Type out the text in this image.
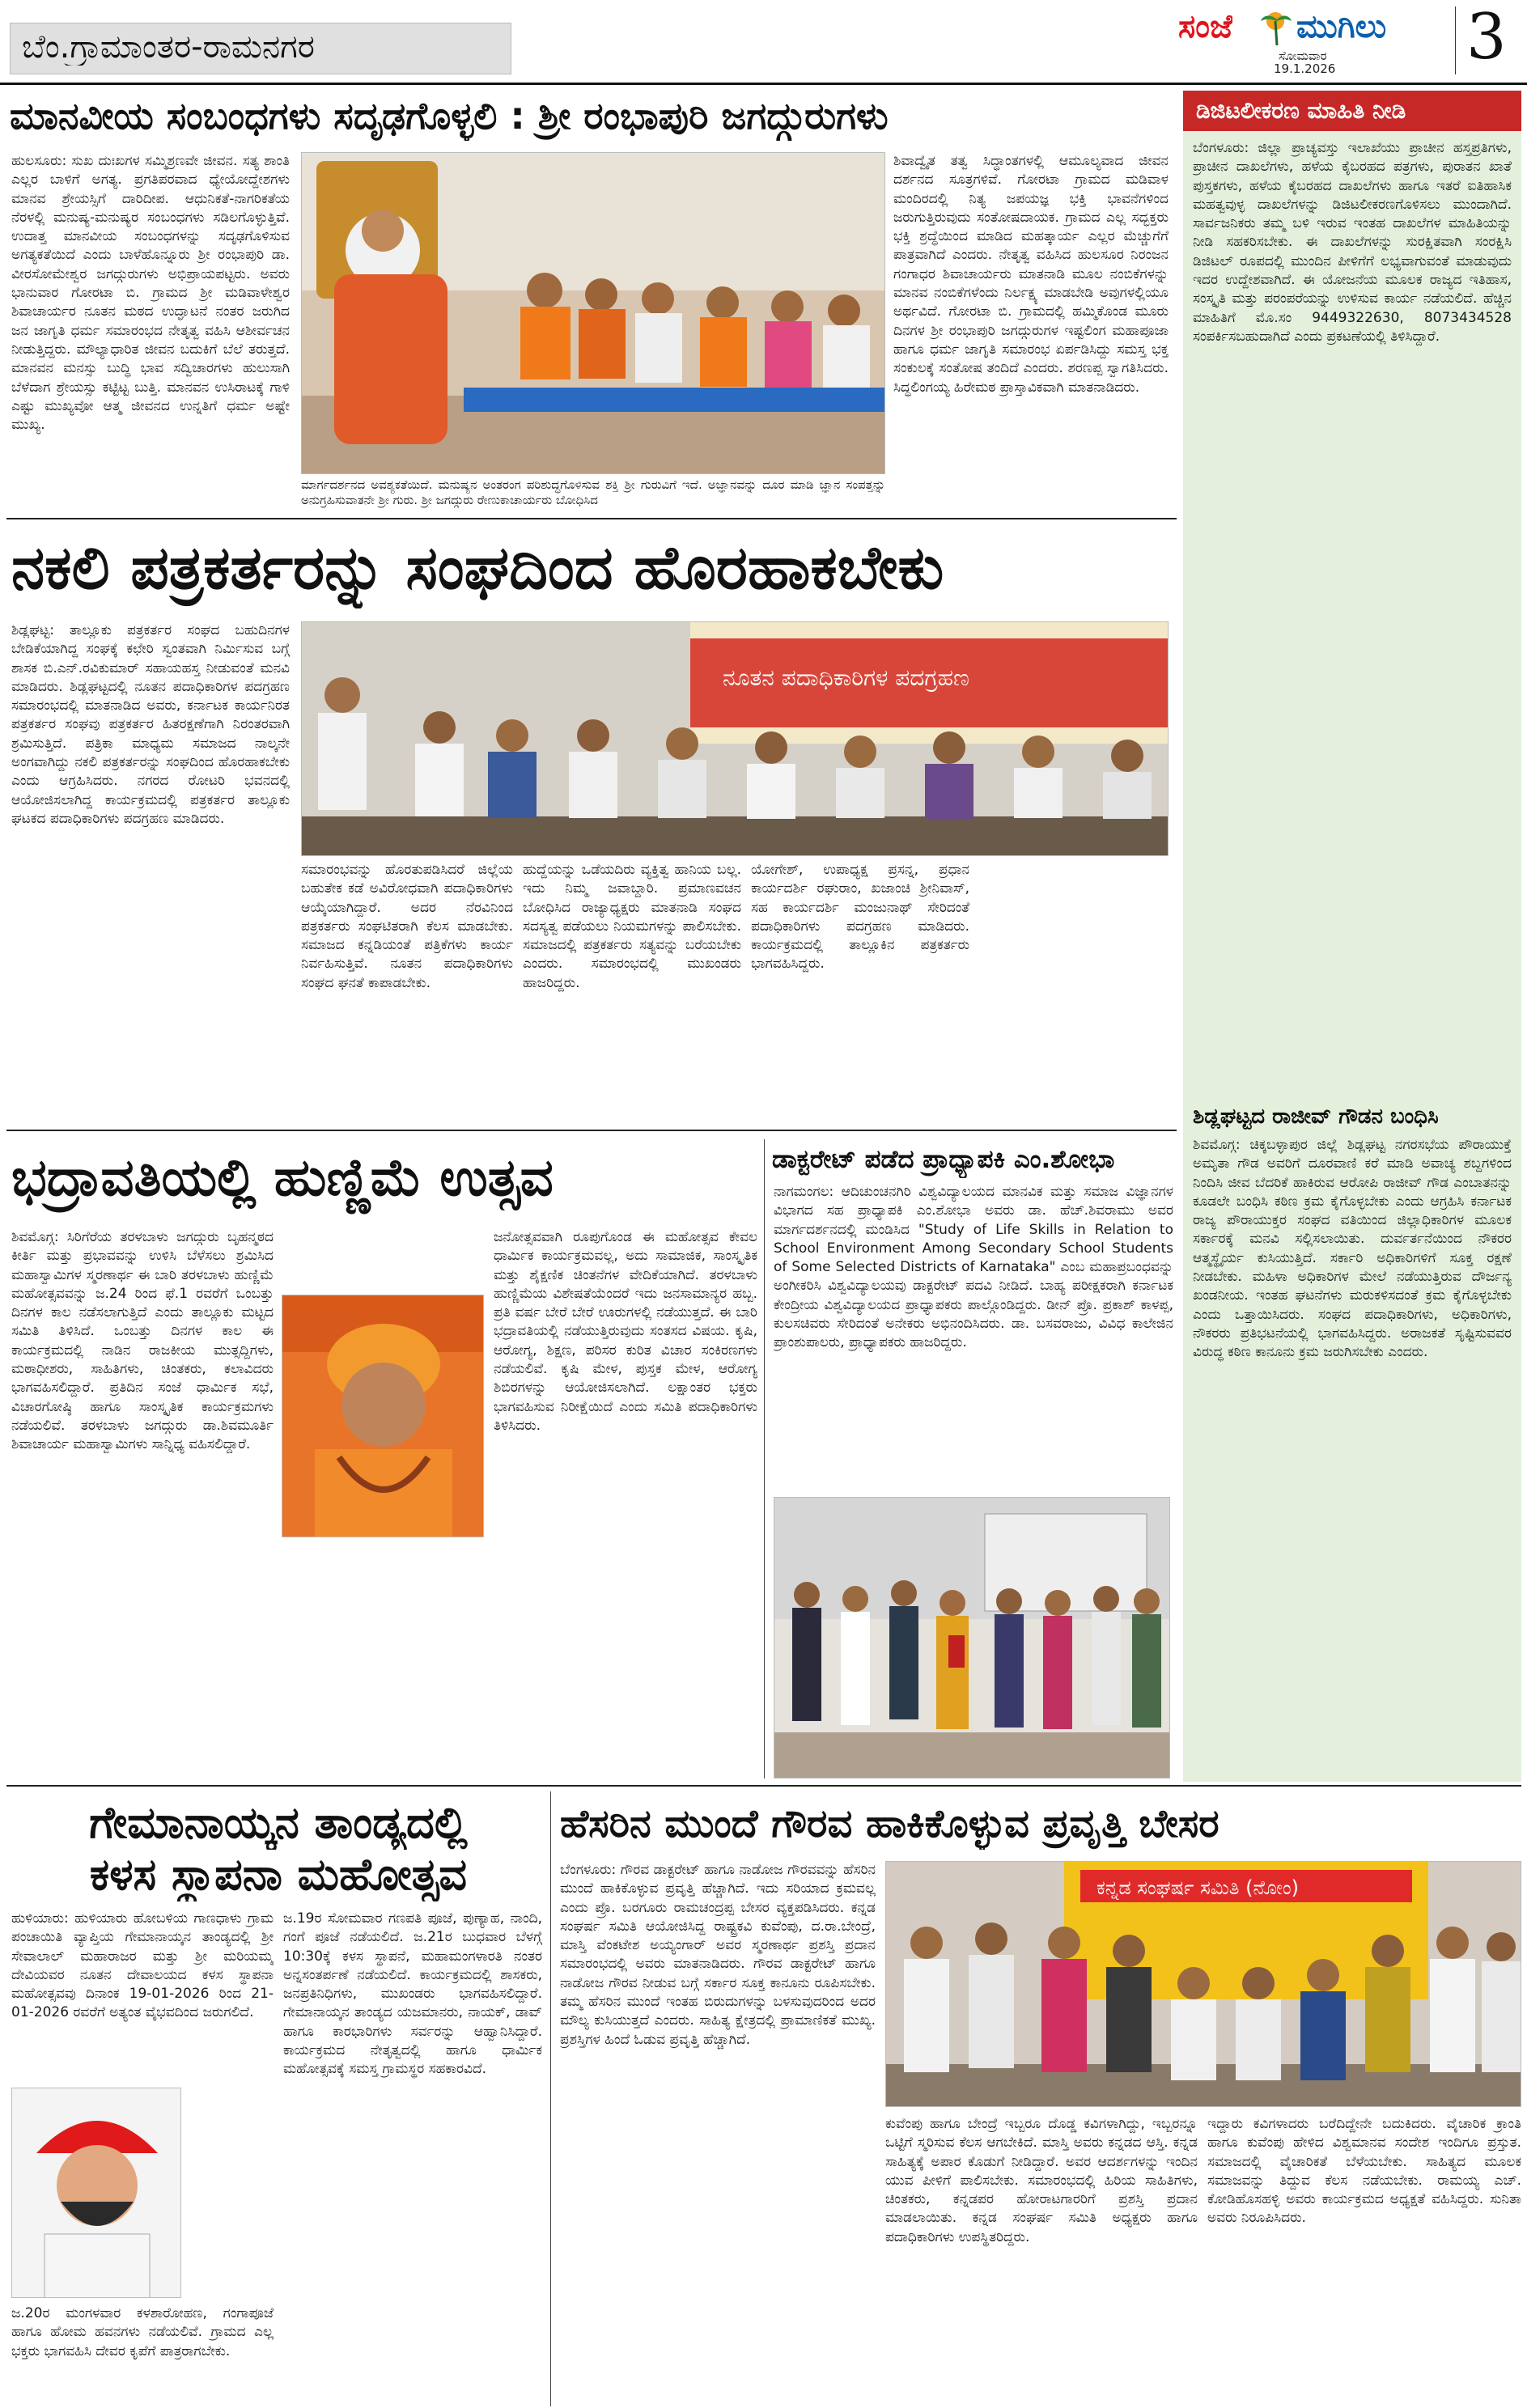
ಬೆಂ.ಗ್ರಾಮಾಂತರ-ರಾಮನಗರ
ಸಂಜೆ ಮುಗಿಲು
ಸೋಮವಾರ
19.1.2026 3
ಮಾನವೀಯ ಸಂಬಂಧಗಳು ಸದೃಢಗೊಳ್ಳಲಿ : ಶ್ರೀ ರಂಭಾಪುರಿ ಜಗದ್ಗುರುಗಳು
ಹುಲಸೂರು: ಸುಖ ದುಃಖಗಳ ಸಮ್ಮಿಶ್ರಣವೇ ಜೀವನ. ಸತ್ಯ ಶಾಂತಿ ಎಲ್ಲರ ಬಾಳಿಗೆ ಅಗತ್ಯ. ಪ್ರಗತಿಪರವಾದ ಧ್ಯೇಯೋದ್ದೇಶಗಳು ಮಾನವ ಶ್ರೇಯಸ್ಸಿಗೆ ದಾರಿದೀಪ. ಆಧುನಿಕತೆ-ನಾಗರಿಕತೆಯ ನೆರಳಲ್ಲಿ ಮನುಷ್ಯ-ಮನುಷ್ಯರ ಸಂಬಂಧಗಳು ಸಡಿಲಗೊಳ್ಳುತ್ತಿವೆ. ಉದಾತ್ತ ಮಾನವೀಯ ಸಂಬಂಧಗಳನ್ನು ಸದೃಢಗೊಳಿಸುವ ಅಗತ್ಯಕತೆಯಿದೆ ಎಂದು ಬಾಳೆಹೊನ್ನೂರು ಶ್ರೀ ರಂಭಾಪುರಿ ಡಾ. ವೀರಸೋಮೇಶ್ವರ ಜಗದ್ಗುರುಗಳು ಅಭಿಪ್ರಾಯಪಟ್ಟರು. ಅವರು ಭಾನುವಾರ ಗೋರಟಾ ಬಿ. ಗ್ರಾಮದ ಶ್ರೀ ಮಡಿವಾಳೇಶ್ವರ ಶಿವಾಚಾರ್ಯರ ನೂತನ ಮಠದ ಉದ್ಘಾಟನೆ ನಂತರ ಜರುಗಿದ ಜನ ಜಾಗೃತಿ ಧರ್ಮ ಸಮಾರಂಭದ ನೇತೃತ್ವ ವಹಿಸಿ ಆಶೀರ್ವಚನ ನೀಡುತ್ತಿದ್ದರು. ಮೌಲ್ಯಾಧಾರಿತ ಜೀವನ ಬದುಕಿಗೆ ಬೆಲೆ ತರುತ್ತದೆ. ಮಾನವನ ಮನಸ್ಸು ಬುದ್ಧಿ ಭಾವ ಸದ್ವಿಚಾರಗಳು ಹುಲುಸಾಗಿ ಬೆಳೆದಾಗ ಶ್ರೇಯಸ್ಸು ಕಟ್ಟಿಟ್ಟ ಬುತ್ತಿ. ಮಾನವನ ಉಸಿರಾಟಕ್ಕೆ ಗಾಳಿ ಎಷ್ಟು ಮುಖ್ಯವೋ ಆತ್ಮ ಜೀವನದ ಉನ್ನತಿಗೆ ಧರ್ಮ ಅಷ್ಟೇ ಮುಖ್ಯ.
ಮಾರ್ಗದರ್ಶನದ ಅವಶ್ಯಕತೆಯಿದೆ. ಮನುಷ್ಯನ ಅಂತರಂಗ ಪರಿಶುದ್ಧಗೊಳಿಸುವ ಶಕ್ತಿ ಶ್ರೀ ಗುರುವಿಗೆ ಇದೆ. ಅಜ್ಞಾನವನ್ನು ದೂರ ಮಾಡಿ ಜ್ಞಾನ ಸಂಪತ್ತನ್ನು ಅನುಗ್ರಹಿಸುವಾತನೇ ಶ್ರೀ ಗುರು. ಶ್ರೀ ಜಗದ್ಗುರು ರೇಣುಕಾಚಾರ್ಯರು ಬೋಧಿಸಿದ
ಶಿವಾದ್ವೈತ ತತ್ವ ಸಿದ್ಧಾಂತಗಳಲ್ಲಿ ಆಮೂಲ್ಯವಾದ ಜೀವನ ದರ್ಶನದ ಸೂತ್ರಗಳಿವೆ. ಗೋರಟಾ ಗ್ರಾಮದ ಮಡಿವಾಳ ಮಂದಿರದಲ್ಲಿ ನಿತ್ಯ ಜಪಯಜ್ಞ ಭಕ್ತಿ ಭಾವನೆಗಳಿಂದ ಜರುಗುತ್ತಿರುವುದು ಸಂತೋಷದಾಯಕ. ಗ್ರಾಮದ ಎಲ್ಲ ಸದ್ಭಕ್ತರು ಭಕ್ತಿ ಶ್ರದ್ಧೆಯಿಂದ ಮಾಡಿದ ಮಹತ್ಕಾರ್ಯ ಎಲ್ಲರ ಮೆಚ್ಚುಗೆಗೆ ಪಾತ್ರವಾಗಿದೆ ಎಂದರು. ನೇತೃತ್ವ ವಹಿಸಿದ ಹುಲಸೂರ ನಿರಂಜನ ಗಂಗಾಧರ ಶಿವಾಚಾರ್ಯರು ಮಾತನಾಡಿ ಮೂಲ ನಂಬಿಕೆಗಳನ್ನು ಮಾನವ ನಂಬಿಕೆಗಳೆಂದು ನಿರ್ಲಕ್ಷ್ಯ ಮಾಡಬೇಡಿ ಅವುಗಳಲ್ಲಿಯೂ ಅರ್ಥವಿದೆ. ಗೋರಟಾ ಬಿ. ಗ್ರಾಮದಲ್ಲಿ ಹಮ್ಮಿಕೊಂಡ ಮೂರು ದಿನಗಳ ಶ್ರೀ ರಂಭಾಪುರಿ ಜಗದ್ಗುರುಗಳ ಇಷ್ಟಲಿಂಗ ಮಹಾಪೂಜಾ ಹಾಗೂ ಧರ್ಮ ಜಾಗೃತಿ ಸಮಾರಂಭ ಏರ್ಪಡಿಸಿದ್ದು ಸಮಸ್ತ ಭಕ್ತ ಸಂಕುಲಕ್ಕೆ ಸಂತೋಷ ತಂದಿದೆ ಎಂದರು. ಶರಣಪ್ಪ ಸ್ವಾಗತಿಸಿದರು. ಸಿದ್ಧಲಿಂಗಯ್ಯ ಹಿರೇಮಠ ಪ್ರಾಸ್ತಾವಿಕವಾಗಿ ಮಾತನಾಡಿದರು.
ನಕಲಿ ಪತ್ರಕರ್ತರನ್ನು ಸಂಘದಿಂದ ಹೊರಹಾಕಬೇಕು
ಶಿಡ್ಲಘಟ್ಟ: ತಾಲ್ಲೂಕು ಪತ್ರಕರ್ತರ ಸಂಘದ ಬಹುದಿನಗಳ ಬೇಡಿಕೆಯಾಗಿದ್ದ ಸಂಘಕ್ಕೆ ಕಛೇರಿ ಸ್ವಂತವಾಗಿ ನಿರ್ಮಿಸುವ ಬಗ್ಗೆ ಶಾಸಕ ಬಿ.ಎನ್.ರವಿಕುಮಾರ್ ಸಹಾಯಹಸ್ತ ನೀಡುವಂತೆ ಮನವಿ ಮಾಡಿದರು. ಶಿಡ್ಲಘಟ್ಟದಲ್ಲಿ ನೂತನ ಪದಾಧಿಕಾರಿಗಳ ಪದಗ್ರಹಣ ಸಮಾರಂಭದಲ್ಲಿ ಮಾತನಾಡಿದ ಅವರು, ಕರ್ನಾಟಕ ಕಾರ್ಯನಿರತ ಪತ್ರಕರ್ತರ ಸಂಘವು ಪತ್ರಕರ್ತರ ಹಿತರಕ್ಷಣೆಗಾಗಿ ನಿರಂತರವಾಗಿ ಶ್ರಮಿಸುತ್ತಿದೆ. ಪತ್ರಿಕಾ ಮಾಧ್ಯಮ ಸಮಾಜದ ನಾಲ್ಕನೇ ಅಂಗವಾಗಿದ್ದು ನಕಲಿ ಪತ್ರಕರ್ತರನ್ನು ಸಂಘದಿಂದ ಹೊರಹಾಕಬೇಕು ಎಂದು ಆಗ್ರಹಿಸಿದರು. ನಗರದ ರೋಟರಿ ಭವನದಲ್ಲಿ ಆಯೋಜಿಸಲಾಗಿದ್ದ ಕಾರ್ಯಕ್ರಮದಲ್ಲಿ ಪತ್ರಕರ್ತರ ತಾಲ್ಲೂಕು ಘಟಕದ ಪದಾಧಿಕಾರಿಗಳು ಪದಗ್ರಹಣ ಮಾಡಿದರು.
ನೂತನ ಪದಾಧಿಕಾರಿಗಳ ಪದಗ್ರಹಣ
ಸಮಾರಂಭವನ್ನು ಹೊರತುಪಡಿಸಿದರೆ ಜಿಲ್ಲೆಯ ಬಹುತೇಕ ಕಡೆ ಅವಿರೋಧವಾಗಿ ಪದಾಧಿಕಾರಿಗಳು ಆಯ್ಕೆಯಾಗಿದ್ದಾರೆ. ಅದರ ನೆರವಿನಿಂದ ಪತ್ರಕರ್ತರು ಸಂಘಟಿತರಾಗಿ ಕೆಲಸ ಮಾಡಬೇಕು. ಸಮಾಜದ ಕನ್ನಡಿಯಂತೆ ಪತ್ರಿಕೆಗಳು ಕಾರ್ಯ ನಿರ್ವಹಿಸುತ್ತಿವೆ. ನೂತನ ಪದಾಧಿಕಾರಿಗಳು ಸಂಘದ ಘನತೆ ಕಾಪಾಡಬೇಕು.
ಹುದ್ದೆಯನ್ನು ಒಡೆಯದಿರು ವ್ಯಕ್ತಿತ್ವ ಹಾನಿಯ ಬಲ್ಲ. ಇದು ನಿಮ್ಮ ಜವಾಬ್ದಾರಿ. ಪ್ರಮಾಣವಚನ ಬೋಧಿಸಿದ ರಾಜ್ಯಾಧ್ಯಕ್ಷರು ಮಾತನಾಡಿ ಸಂಘದ ಸದಸ್ಯತ್ವ ಪಡೆಯಲು ನಿಯಮಗಳನ್ನು ಪಾಲಿಸಬೇಕು. ಸಮಾಜದಲ್ಲಿ ಪತ್ರಕರ್ತರು ಸತ್ಯವನ್ನು ಬರೆಯಬೇಕು ಎಂದರು. ಸಮಾರಂಭದಲ್ಲಿ ಮುಖಂಡರು ಹಾಜರಿದ್ದರು.
ಯೋಗೇಶ್, ಉಪಾಧ್ಯಕ್ಷ ಪ್ರಸನ್ನ, ಪ್ರಧಾನ ಕಾರ್ಯದರ್ಶಿ ರಘುರಾಂ, ಖಜಾಂಚಿ ಶ್ರೀನಿವಾಸ್, ಸಹ ಕಾರ್ಯದರ್ಶಿ ಮಂಜುನಾಥ್ ಸೇರಿದಂತೆ ಪದಾಧಿಕಾರಿಗಳು ಪದಗ್ರಹಣ ಮಾಡಿದರು. ಕಾರ್ಯಕ್ರಮದಲ್ಲಿ ತಾಲ್ಲೂಕಿನ ಪತ್ರಕರ್ತರು ಭಾಗವಹಿಸಿದ್ದರು.
ಡಿಜಿಟಲೀಕರಣ ಮಾಹಿತಿ ನೀಡಿ
ಬೆಂಗಳೂರು: ಜಿಲ್ಲಾ ಪ್ರಾಚ್ಯವಸ್ತು ಇಲಾಖೆಯು ಪ್ರಾಚೀನ ಹಸ್ತಪ್ರತಿಗಳು, ಪ್ರಾಚೀನ ದಾಖಲೆಗಳು, ಹಳೆಯ ಕೈಬರಹದ ಪತ್ರಗಳು, ಪುರಾತನ ಖಾತೆ ಪುಸ್ತಕಗಳು, ಹಳೆಯ ಕೈಬರಹದ ದಾಖಲೆಗಳು ಹಾಗೂ ಇತರೆ ಐತಿಹಾಸಿಕ ಮಹತ್ವವುಳ್ಳ ದಾಖಲೆಗಳನ್ನು ಡಿಜಿಟಲೀಕರಣಗೊಳಿಸಲು ಮುಂದಾಗಿದೆ. ಸಾರ್ವಜನಿಕರು ತಮ್ಮ ಬಳಿ ಇರುವ ಇಂತಹ ದಾಖಲೆಗಳ ಮಾಹಿತಿಯನ್ನು ನೀಡಿ ಸಹಕರಿಸಬೇಕು. ಈ ದಾಖಲೆಗಳನ್ನು ಸುರಕ್ಷಿತವಾಗಿ ಸಂರಕ್ಷಿಸಿ ಡಿಜಿಟಲ್ ರೂಪದಲ್ಲಿ ಮುಂದಿನ ಪೀಳಿಗೆಗೆ ಲಭ್ಯವಾಗುವಂತೆ ಮಾಡುವುದು ಇದರ ಉದ್ದೇಶವಾಗಿದೆ. ಈ ಯೋಜನೆಯ ಮೂಲಕ ರಾಜ್ಯದ ಇತಿಹಾಸ, ಸಂಸ್ಕೃತಿ ಮತ್ತು ಪರಂಪರೆಯನ್ನು ಉಳಿಸುವ ಕಾರ್ಯ ನಡೆಯಲಿದೆ. ಹೆಚ್ಚಿನ ಮಾಹಿತಿಗೆ ಮೊ.ಸಂ 9449322630, 8073434528 ಸಂಪರ್ಕಿಸಬಹುದಾಗಿದೆ ಎಂದು ಪ್ರಕಟಣೆಯಲ್ಲಿ ತಿಳಿಸಿದ್ದಾರೆ.
ಶಿಡ್ಲಘಟ್ಟದ ರಾಜೀವ್ ಗೌಡನ ಬಂಧಿಸಿ
ಶಿವಮೊಗ್ಗ: ಚಿಕ್ಕಬಳ್ಳಾಪುರ ಜಿಲ್ಲೆ ಶಿಡ್ಲಘಟ್ಟ ನಗರಸಭೆಯ ಪೌರಾಯುಕ್ತೆ ಅಮೃತಾ ಗೌಡ ಅವರಿಗೆ ದೂರವಾಣಿ ಕರೆ ಮಾಡಿ ಅವಾಚ್ಯ ಶಬ್ದಗಳಿಂದ ನಿಂದಿಸಿ ಜೀವ ಬೆದರಿಕೆ ಹಾಕಿರುವ ಆರೋಪಿ ರಾಜೀವ್ ಗೌಡ ಎಂಬಾತನನ್ನು ಕೂಡಲೇ ಬಂಧಿಸಿ ಕಠಿಣ ಕ್ರಮ ಕೈಗೊಳ್ಳಬೇಕು ಎಂದು ಆಗ್ರಹಿಸಿ ಕರ್ನಾಟಕ ರಾಜ್ಯ ಪೌರಾಯುಕ್ತರ ಸಂಘದ ವತಿಯಿಂದ ಜಿಲ್ಲಾಧಿಕಾರಿಗಳ ಮೂಲಕ ಸರ್ಕಾರಕ್ಕೆ ಮನವಿ ಸಲ್ಲಿಸಲಾಯಿತು. ದುರ್ವರ್ತನೆಯಿಂದ ನೌಕರರ ಆತ್ಮಸ್ಥೈರ್ಯ ಕುಸಿಯುತ್ತಿದೆ. ಸರ್ಕಾರಿ ಅಧಿಕಾರಿಗಳಿಗೆ ಸೂಕ್ತ ರಕ್ಷಣೆ ನೀಡಬೇಕು. ಮಹಿಳಾ ಅಧಿಕಾರಿಗಳ ಮೇಲೆ ನಡೆಯುತ್ತಿರುವ ದೌರ್ಜನ್ಯ ಖಂಡನೀಯ. ಇಂತಹ ಘಟನೆಗಳು ಮರುಕಳಿಸದಂತೆ ಕ್ರಮ ಕೈಗೊಳ್ಳಬೇಕು ಎಂದು ಒತ್ತಾಯಿಸಿದರು. ಸಂಘದ ಪದಾಧಿಕಾರಿಗಳು, ಅಧಿಕಾರಿಗಳು, ನೌಕರರು ಪ್ರತಿಭಟನೆಯಲ್ಲಿ ಭಾಗವಹಿಸಿದ್ದರು. ಅರಾಜಕತೆ ಸೃಷ್ಟಿಸುವವರ ವಿರುದ್ಧ ಕಠಿಣ ಕಾನೂನು ಕ್ರಮ ಜರುಗಿಸಬೇಕು ಎಂದರು.
ಭದ್ರಾವತಿಯಲ್ಲಿ ಹುಣ್ಣಿಮೆ ಉತ್ಸವ
ಶಿವಮೊಗ್ಗ: ಸಿರಿಗೆರೆಯ ತರಳಬಾಳು ಜಗದ್ಗುರು ಬೃಹನ್ಮಠದ ಕೀರ್ತಿ ಮತ್ತು ಪ್ರಭಾವವನ್ನು ಉಳಿಸಿ ಬೆಳೆಸಲು ಶ್ರಮಿಸಿದ ಮಹಾಸ್ವಾಮಿಗಳ ಸ್ಮರಣಾರ್ಥ ಈ ಬಾರಿ ತರಳಬಾಳು ಹುಣ್ಣಿಮೆ ಮಹೋತ್ಸವವನ್ನು ಜ.24 ರಿಂದ ಫೆ.1 ರವರೆಗೆ ಒಂಬತ್ತು ದಿನಗಳ ಕಾಲ ನಡೆಸಲಾಗುತ್ತಿದೆ ಎಂದು ತಾಲ್ಲೂಕು ಮಟ್ಟದ ಸಮಿತಿ ತಿಳಿಸಿದೆ. ಒಂಬತ್ತು ದಿನಗಳ ಕಾಲ ಈ ಕಾರ್ಯಕ್ರಮದಲ್ಲಿ ನಾಡಿನ ರಾಜಕೀಯ ಮುತ್ಸದ್ದಿಗಳು, ಮಠಾಧೀಶರು, ಸಾಹಿತಿಗಳು, ಚಿಂತಕರು, ಕಲಾವಿದರು ಭಾಗವಹಿಸಲಿದ್ದಾರೆ. ಪ್ರತಿದಿನ ಸಂಜೆ ಧಾರ್ಮಿಕ ಸಭೆ, ವಿಚಾರಗೋಷ್ಠಿ ಹಾಗೂ ಸಾಂಸ್ಕೃತಿಕ ಕಾರ್ಯಕ್ರಮಗಳು ನಡೆಯಲಿವೆ. ತರಳಬಾಳು ಜಗದ್ಗುರು ಡಾ.ಶಿವಮೂರ್ತಿ ಶಿವಾಚಾರ್ಯ ಮಹಾಸ್ವಾಮಿಗಳು ಸಾನ್ನಿಧ್ಯ ವಹಿಸಲಿದ್ದಾರೆ.
ಜನೋತ್ಸವವಾಗಿ ರೂಪುಗೊಂಡ ಈ ಮಹೋತ್ಸವ ಕೇವಲ ಧಾರ್ಮಿಕ ಕಾರ್ಯಕ್ರಮವಲ್ಲ, ಅದು ಸಾಮಾಜಿಕ, ಸಾಂಸ್ಕೃತಿಕ ಮತ್ತು ಶೈಕ್ಷಣಿಕ ಚಿಂತನೆಗಳ ವೇದಿಕೆಯಾಗಿದೆ. ತರಳಬಾಳು ಹುಣ್ಣಿಮೆಯ ವಿಶೇಷತೆಯೆಂದರೆ ಇದು ಜನಸಾಮಾನ್ಯರ ಹಬ್ಬ. ಪ್ರತಿ ವರ್ಷ ಬೇರೆ ಬೇರೆ ಊರುಗಳಲ್ಲಿ ನಡೆಯುತ್ತದೆ. ಈ ಬಾರಿ ಭದ್ರಾವತಿಯಲ್ಲಿ ನಡೆಯುತ್ತಿರುವುದು ಸಂತಸದ ವಿಷಯ. ಕೃಷಿ, ಆರೋಗ್ಯ, ಶಿಕ್ಷಣ, ಪರಿಸರ ಕುರಿತ ವಿಚಾರ ಸಂಕಿರಣಗಳು ನಡೆಯಲಿವೆ. ಕೃಷಿ ಮೇಳ, ಪುಸ್ತಕ ಮೇಳ, ಆರೋಗ್ಯ ಶಿಬಿರಗಳನ್ನು ಆಯೋಜಿಸಲಾಗಿದೆ. ಲಕ್ಷಾಂತರ ಭಕ್ತರು ಭಾಗವಹಿಸುವ ನಿರೀಕ್ಷೆಯಿದೆ ಎಂದು ಸಮಿತಿ ಪದಾಧಿಕಾರಿಗಳು ತಿಳಿಸಿದರು.
ಡಾಕ್ಟರೇಟ್ ಪಡೆದ ಪ್ರಾಧ್ಯಾಪಕಿ ಎಂ.ಶೋಭಾ
ನಾಗಮಂಗಲ: ಆದಿಚುಂಚನಗಿರಿ ವಿಶ್ವವಿದ್ಯಾಲಯದ ಮಾನವಿಕ ಮತ್ತು ಸಮಾಜ ವಿಜ್ಞಾನಗಳ ವಿಭಾಗದ ಸಹ ಪ್ರಾಧ್ಯಾಪಕಿ ಎಂ.ಶೋಭಾ ಅವರು ಡಾ. ಹೆಚ್.ಶಿವರಾಮು ಅವರ ಮಾರ್ಗದರ್ಶನದಲ್ಲಿ ಮಂಡಿಸಿದ "Study of Life Skills in Relation to School Environment Among Secondary School Students of Some Selected Districts of Karnataka" ಎಂಬ ಮಹಾಪ್ರಬಂಧವನ್ನು ಅಂಗೀಕರಿಸಿ ವಿಶ್ವವಿದ್ಯಾಲಯವು ಡಾಕ್ಟರೇಟ್ ಪದವಿ ನೀಡಿದೆ. ಬಾಹ್ಯ ಪರೀಕ್ಷಕರಾಗಿ ಕರ್ನಾಟಕ ಕೇಂದ್ರೀಯ ವಿಶ್ವವಿದ್ಯಾಲಯದ ಪ್ರಾಧ್ಯಾಪಕರು ಪಾಲ್ಗೊಂಡಿದ್ದರು. ಡೀನ್ ಪ್ರೊ. ಪ್ರಕಾಶ್ ಕಾಳಪ್ಪ, ಕುಲಸಚಿವರು ಸೇರಿದಂತೆ ಅನೇಕರು ಅಭಿನಂದಿಸಿದರು. ಡಾ. ಬಸವರಾಜು, ವಿವಿಧ ಕಾಲೇಜಿನ ಪ್ರಾಂಶುಪಾಲರು, ಪ್ರಾಧ್ಯಾಪಕರು ಹಾಜರಿದ್ದರು.
ಗೇಮಾನಾಯ್ಕನ ತಾಂಡ್ಯದಲ್ಲಿ
ಕಳಸ ಸ್ಥಾಪನಾ ಮಹೋತ್ಸವ
ಹುಳಿಯಾರು: ಹುಳಿಯಾರು ಹೋಬಳಿಯ ಗಾಣಧಾಳು ಗ್ರಾಮ ಪಂಚಾಯಿತಿ ವ್ಯಾಪ್ತಿಯ ಗೇಮಾನಾಯ್ಕನ ತಾಂಡ್ಯದಲ್ಲಿ ಶ್ರೀ ಸೇವಾಲಾಲ್ ಮಹಾರಾಜರ ಮತ್ತು ಶ್ರೀ ಮರಿಯಮ್ಮ ದೇವಿಯವರ ನೂತನ ದೇವಾಲಯದ ಕಳಸ ಸ್ಥಾಪನಾ ಮಹೋತ್ಸವವು ದಿನಾಂಕ 19-01-2026 ರಿಂದ 21-01-2026 ರವರೆಗೆ ಅತ್ಯಂತ ವೈಭವದಿಂದ ಜರುಗಲಿದೆ.
ಜ.20ರ ಮಂಗಳವಾರ ಕಳಶಾರೋಹಣ, ಗಂಗಾಪೂಜೆ ಹಾಗೂ ಹೋಮ ಹವನಗಳು ನಡೆಯಲಿವೆ. ಗ್ರಾಮದ ಎಲ್ಲ ಭಕ್ತರು ಭಾಗವಹಿಸಿ ದೇವರ ಕೃಪೆಗೆ ಪಾತ್ರರಾಗಬೇಕು.
ಜ.19ರ ಸೋಮವಾರ ಗಣಪತಿ ಪೂಜೆ, ಪುಣ್ಯಾಹ, ನಾಂದಿ, ಗಂಗೆ ಪೂಜೆ ನಡೆಯಲಿದೆ. ಜ.21ರ ಬುಧವಾರ ಬೆಳಗ್ಗೆ 10:30ಕ್ಕೆ ಕಳಸ ಸ್ಥಾಪನೆ, ಮಹಾಮಂಗಳಾರತಿ ನಂತರ ಅನ್ನಸಂತರ್ಪಣೆ ನಡೆಯಲಿದೆ. ಕಾರ್ಯಕ್ರಮದಲ್ಲಿ ಶಾಸಕರು, ಜನಪ್ರತಿನಿಧಿಗಳು, ಮುಖಂಡರು ಭಾಗವಹಿಸಲಿದ್ದಾರೆ. ಗೇಮಾನಾಯ್ಕನ ತಾಂಡ್ಯದ ಯಜಮಾನರು, ನಾಯಕ್, ಡಾವ್ ಹಾಗೂ ಕಾರಭಾರಿಗಳು ಸರ್ವರನ್ನು ಆಹ್ವಾನಿಸಿದ್ದಾರೆ. ಕಾರ್ಯಕ್ರಮದ ನೇತೃತ್ವದಲ್ಲಿ ಹಾಗೂ ಧಾರ್ಮಿಕ ಮಹೋತ್ಸವಕ್ಕೆ ಸಮಸ್ತ ಗ್ರಾಮಸ್ಥರ ಸಹಕಾರವಿದೆ.
ಹೆಸರಿನ ಮುಂದೆ ಗೌರವ ಹಾಕಿಕೊಳ್ಳುವ ಪ್ರವೃತ್ತಿ ಬೇಸರ
ಬೆಂಗಳೂರು: ಗೌರವ ಡಾಕ್ಟರೇಟ್ ಹಾಗೂ ನಾಡೋಜ ಗೌರವವನ್ನು ಹೆಸರಿನ ಮುಂದೆ ಹಾಕಿಕೊಳ್ಳುವ ಪ್ರವೃತ್ತಿ ಹೆಚ್ಚಾಗಿದೆ. ಇದು ಸರಿಯಾದ ಕ್ರಮವಲ್ಲ ಎಂದು ಪ್ರೊ. ಬರಗೂರು ರಾಮಚಂದ್ರಪ್ಪ ಬೇಸರ ವ್ಯಕ್ತಪಡಿಸಿದರು. ಕನ್ನಡ ಸಂಘರ್ಷ ಸಮಿತಿ ಆಯೋಜಿಸಿದ್ದ ರಾಷ್ಟ್ರಕವಿ ಕುವೆಂಪು, ದ.ರಾ.ಬೇಂದ್ರೆ, ಮಾಸ್ತಿ ವೆಂಕಟೇಶ ಅಯ್ಯಂಗಾರ್ ಅವರ ಸ್ಮರಣಾರ್ಥ ಪ್ರಶಸ್ತಿ ಪ್ರದಾನ ಸಮಾರಂಭದಲ್ಲಿ ಅವರು ಮಾತನಾಡಿದರು. ಗೌರವ ಡಾಕ್ಟರೇಟ್ ಹಾಗೂ ನಾಡೋಜ ಗೌರವ ನೀಡುವ ಬಗ್ಗೆ ಸರ್ಕಾರ ಸೂಕ್ತ ಕಾನೂನು ರೂಪಿಸಬೇಕು. ತಮ್ಮ ಹೆಸರಿನ ಮುಂದೆ ಇಂತಹ ಬಿರುದುಗಳನ್ನು ಬಳಸುವುದರಿಂದ ಅದರ ಮೌಲ್ಯ ಕುಸಿಯುತ್ತದೆ ಎಂದರು. ಸಾಹಿತ್ಯ ಕ್ಷೇತ್ರದಲ್ಲಿ ಪ್ರಾಮಾಣಿಕತೆ ಮುಖ್ಯ. ಪ್ರಶಸ್ತಿಗಳ ಹಿಂದೆ ಓಡುವ ಪ್ರವೃತ್ತಿ ಹೆಚ್ಚಾಗಿದೆ.
ಕನ್ನಡ ಸಂಘರ್ಷ ಸಮಿತಿ (ನೋಂ)
ಕುವೆಂಪು ಹಾಗೂ ಬೇಂದ್ರೆ ಇಬ್ಬರೂ ದೊಡ್ಡ ಕವಿಗಳಾಗಿದ್ದು, ಇಬ್ಬರನ್ನೂ ಒಟ್ಟಿಗೆ ಸ್ಮರಿಸುವ ಕೆಲಸ ಆಗಬೇಕಿದೆ. ಮಾಸ್ತಿ ಅವರು ಕನ್ನಡದ ಆಸ್ತಿ. ಕನ್ನಡ ಸಾಹಿತ್ಯಕ್ಕೆ ಅಪಾರ ಕೊಡುಗೆ ನೀಡಿದ್ದಾರೆ. ಅವರ ಆದರ್ಶಗಳನ್ನು ಇಂದಿನ ಯುವ ಪೀಳಿಗೆ ಪಾಲಿಸಬೇಕು. ಸಮಾರಂಭದಲ್ಲಿ ಹಿರಿಯ ಸಾಹಿತಿಗಳು, ಚಿಂತಕರು, ಕನ್ನಡಪರ ಹೋರಾಟಗಾರರಿಗೆ ಪ್ರಶಸ್ತಿ ಪ್ರದಾನ ಮಾಡಲಾಯಿತು. ಕನ್ನಡ ಸಂಘರ್ಷ ಸಮಿತಿ ಅಧ್ಯಕ್ಷರು ಹಾಗೂ ಪದಾಧಿಕಾರಿಗಳು ಉಪಸ್ಥಿತರಿದ್ದರು.
ಇದ್ದಾರು ಕವಿಗಳಾದರು ಬರೆದಿದ್ದೇನೇ ಬದುಕಿದರು. ವೈಚಾರಿಕ ಕ್ರಾಂತಿ ಹಾಗೂ ಕುವೆಂಪು ಹೇಳಿದ ವಿಶ್ವಮಾನವ ಸಂದೇಶ ಇಂದಿಗೂ ಪ್ರಸ್ತುತ. ಸಮಾಜದಲ್ಲಿ ವೈಚಾರಿಕತೆ ಬೆಳೆಯಬೇಕು. ಸಾಹಿತ್ಯದ ಮೂಲಕ ಸಮಾಜವನ್ನು ತಿದ್ದುವ ಕೆಲಸ ನಡೆಯಬೇಕು. ರಾಮಯ್ಯ ಎಚ್. ಕೋಡಿಹೊಸಹಳ್ಳಿ ಅವರು ಕಾರ್ಯಕ್ರಮದ ಅಧ್ಯಕ್ಷತೆ ವಹಿಸಿದ್ದರು. ಸುನಿತಾ ಅವರು ನಿರೂಪಿಸಿದರು.
